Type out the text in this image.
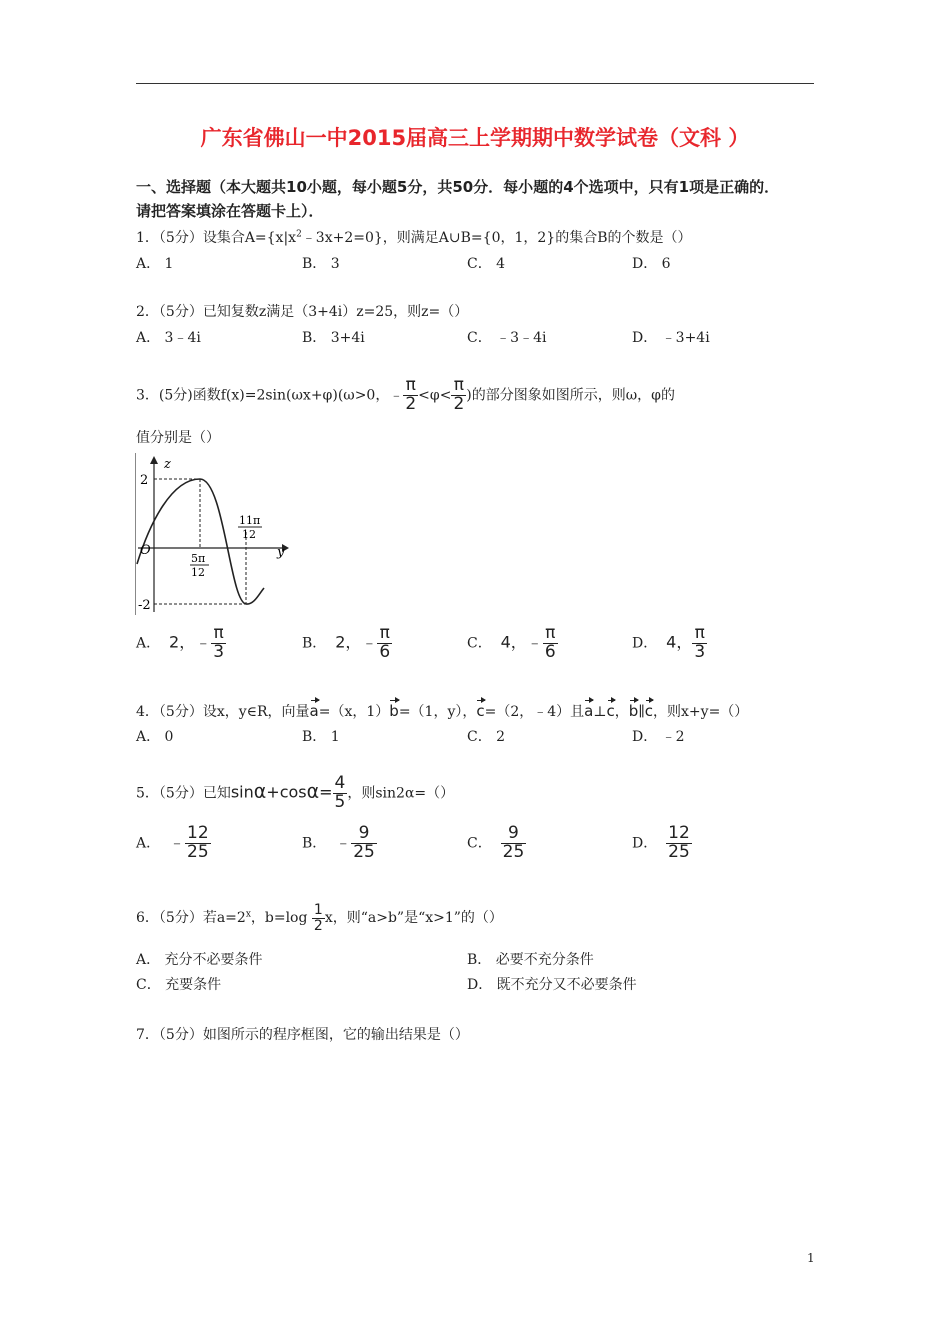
广东省佛山一中2015届高三上学期期中数学试卷（文科 ）
一、选择题（本大题共10小题，每小题5分，共50分．每小题的4个选项中，只有1项是正确的．
请把答案填涂在答题卡上）．
1．（5分）设集合$A=\{x|x^2﹣3x+2=0\}$，则满足A∪B={0，1，2}的集合B的个数是（）
A． 1	B． 3	C． 4	D． 6
2．（5分）已知复数z满足（3+4i）z=25，则z=（）
A． 3﹣4i	B． 3+4i	C． ﹣3﹣4i	D． ﹣3+4i
3．(5分)函数f(x)=2sin(ωx+φ)(ω>0，﹣ $\frac{\pi}{2} <\varphi< \frac{\pi}{2}$ )的部分图象如图所示，则ω，φ的
值分别是（）
z
y
O
2
-2
5π
12
11π
12
A． 2，﹣ $\frac{\pi}{3}$	B． 2，﹣ $\frac{\pi}{6}$	C． 4，﹣ $\frac{\pi}{6}$	D． 4， $\frac{\pi}{3}$
4．（5分）设x，y∈R，向量a=（x，1）b=（1，y），c=（2，﹣4）且a⊥c，b∥c，则x+y=（）
A． 0	B． 1	C． 2	D． ﹣2
5．（5分）已知$\sin\alpha+\cos\alpha= \frac{4}{5}$ ，则sin2α=（）
A． ﹣ $\frac{12}{25}$	B． ﹣ $\frac{9}{25}$	C． $\frac{9}{25}$	D． $\frac{12}{25}$
6．（5分）若$a=2^x$，$b=\log \frac{1}{2}$ x，则“a>b”是“x>1”的（）
A． 充分不必要条件	B． 必要不充分条件
C． 充要条件	D． 既不充分又不必要条件
7．（5分）如图所示的程序框图，它的输出结果是（）
1
